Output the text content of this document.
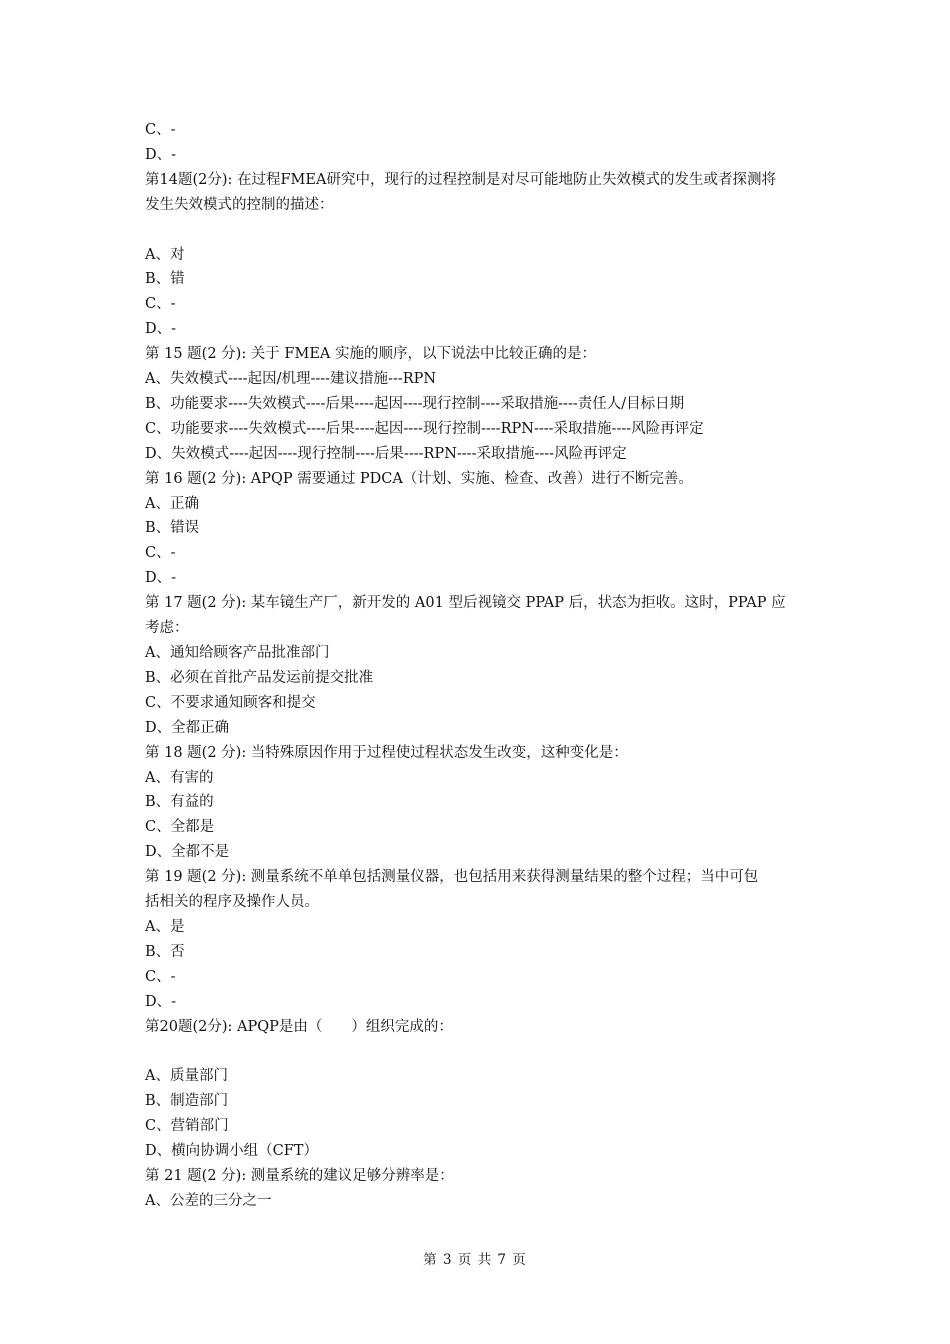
C、-
D、-
第14题(2分): 在过程FMEA研究中，现行的过程控制是对尽可能地防止失效模式的发生或者探测将
发生失效模式的控制的描述：
A、对
B、错
C、-
D、-
第 15 题(2 分): 关于 FMEA 实施的顺序，以下说法中比较正确的是：
A、失效模式----起因/机理----建议措施---RPN
B、功能要求----失效模式----后果----起因----现行控制----采取措施----责任人/目标日期
C、功能要求----失效模式----后果----起因----现行控制----RPN----采取措施----风险再评定
D、失效模式----起因----现行控制----后果----RPN----采取措施----风险再评定
第 16 题(2 分): APQP 需要通过 PDCA（计划、实施、检查、改善）进行不断完善。
A、正确
B、错误
C、-
D、-
第 17 题(2 分): 某车镜生产厂，新开发的 A01 型后视镜交 PPAP 后，状态为拒收。这时，PPAP 应
考虑：
A、通知给顾客产品批准部门
B、必须在首批产品发运前提交批准
C、不要求通知顾客和提交
D、全都正确
第 18 题(2 分): 当特殊原因作用于过程使过程状态发生改变，这种变化是：
A、有害的
B、有益的
C、全都是
D、全都不是
第 19 题(2 分): 测量系统不单单包括测量仪器，也包括用来获得测量结果的整个过程；当中可包
括相关的程序及操作人员。
A、是
B、否
C、-
D、-
第20题(2分): APQP是由（　　）组织完成的：
A、质量部门
B、制造部门
C、营销部门
D、横向协调小组（CFT）
第 21 题(2 分): 测量系统的建议足够分辨率是：
A、公差的三分之一
第 3 页 共 7 页
